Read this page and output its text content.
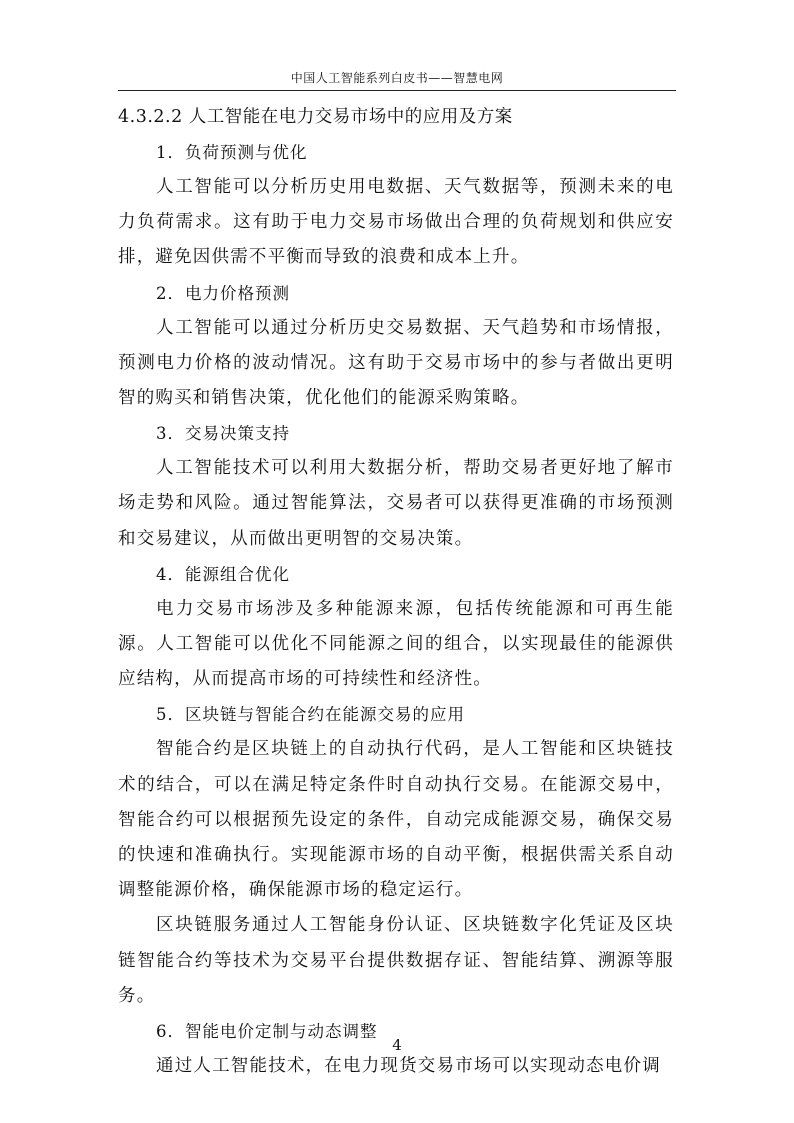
中国人工智能系列白皮书——智慧电网

4.3.2.2 人工智能在电力交易市场中的应用及方案

1．负荷预测与优化

人工智能可以分析历史用电数据、天气数据等，预测未来的电力负荷需求。这有助于电力交易市场做出合理的负荷规划和供应安排，避免因供需不平衡而导致的浪费和成本上升。

2．电力价格预测

人工智能可以通过分析历史交易数据、天气趋势和市场情报，预测电力价格的波动情况。这有助于交易市场中的参与者做出更明智的购买和销售决策，优化他们的能源采购策略。

3．交易决策支持

人工智能技术可以利用大数据分析，帮助交易者更好地了解市场走势和风险。通过智能算法，交易者可以获得更准确的市场预测和交易建议，从而做出更明智的交易决策。

4．能源组合优化

电力交易市场涉及多种能源来源，包括传统能源和可再生能源。人工智能可以优化不同能源之间的组合，以实现最佳的能源供应结构，从而提高市场的可持续性和经济性。

5．区块链与智能合约在能源交易的应用

智能合约是区块链上的自动执行代码，是人工智能和区块链技术的结合，可以在满足特定条件时自动执行交易。在能源交易中，智能合约可以根据预先设定的条件，自动完成能源交易，确保交易的快速和准确执行。实现能源市场的自动平衡，根据供需关系自动调整能源价格，确保能源市场的稳定运行。

区块链服务通过人工智能身份认证、区块链数字化凭证及区块链智能合约等技术为交易平台提供数据存证、智能结算、溯源等服务。

6．智能电价定制与动态调整

通过人工智能技术，在电力现货交易市场可以实现动态电价调

4
